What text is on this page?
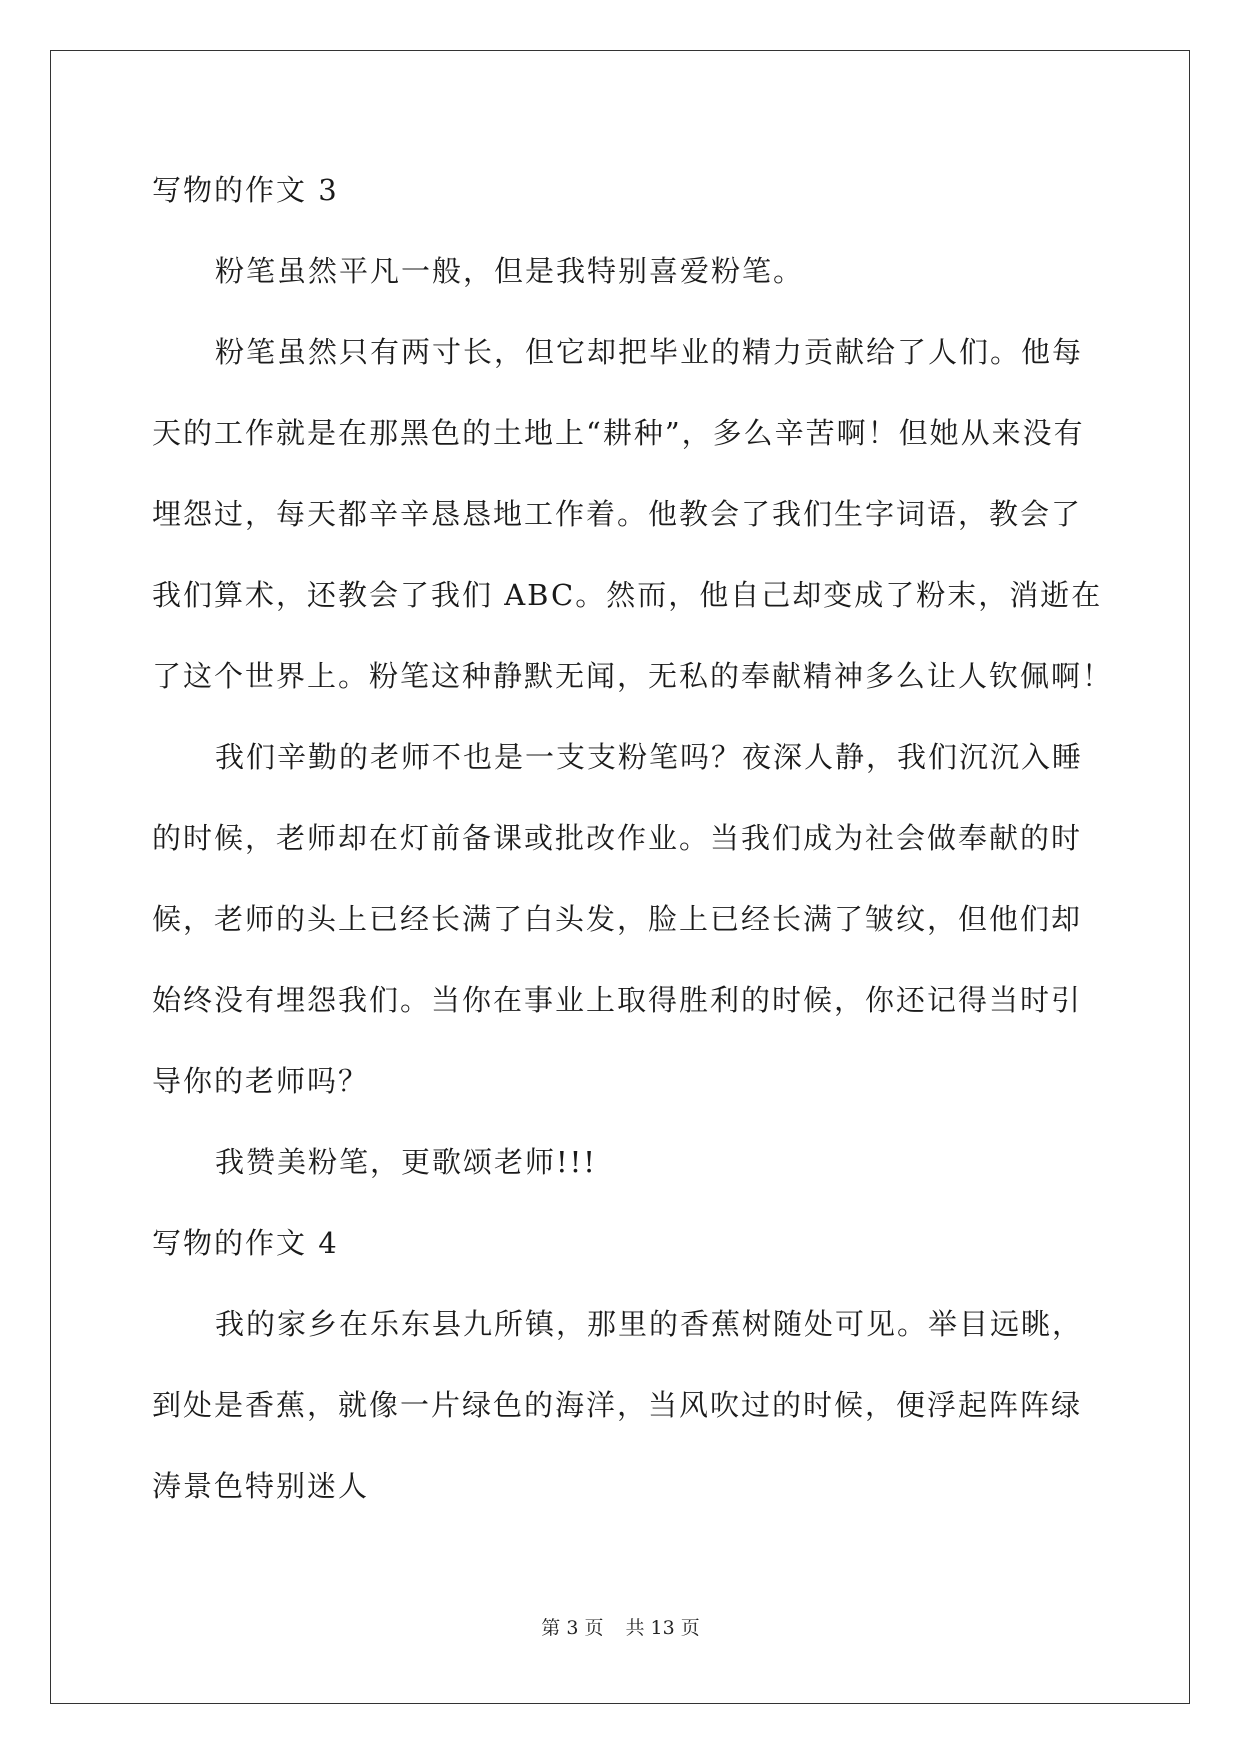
写物的作文 3
粉笔虽然平凡一般，但是我特别喜爱粉笔。
粉笔虽然只有两寸长，但它却把毕业的精力贡献给了人们。他每
天的工作就是在那黑色的土地上“耕种”，多么辛苦啊！但她从来没有
埋怨过，每天都辛辛恳恳地工作着。他教会了我们生字词语，教会了
我们算术，还教会了我们 ABC。然而，他自己却变成了粉末，消逝在
了这个世界上。粉笔这种静默无闻，无私的奉献精神多么让人钦佩啊！
我们辛勤的老师不也是一支支粉笔吗？夜深人静，我们沉沉入睡
的时候，老师却在灯前备课或批改作业。当我们成为社会做奉献的时
候，老师的头上已经长满了白头发，脸上已经长满了皱纹，但他们却
始终没有埋怨我们。当你在事业上取得胜利的时候，你还记得当时引
导你的老师吗？
我赞美粉笔，更歌颂老师!!!
写物的作文 4
我的家乡在乐东县九所镇，那里的香蕉树随处可见。举目远眺，
到处是香蕉，就像一片绿色的海洋，当风吹过的时候，便浮起阵阵绿
涛景色特别迷人
第 3 页 共 13 页
